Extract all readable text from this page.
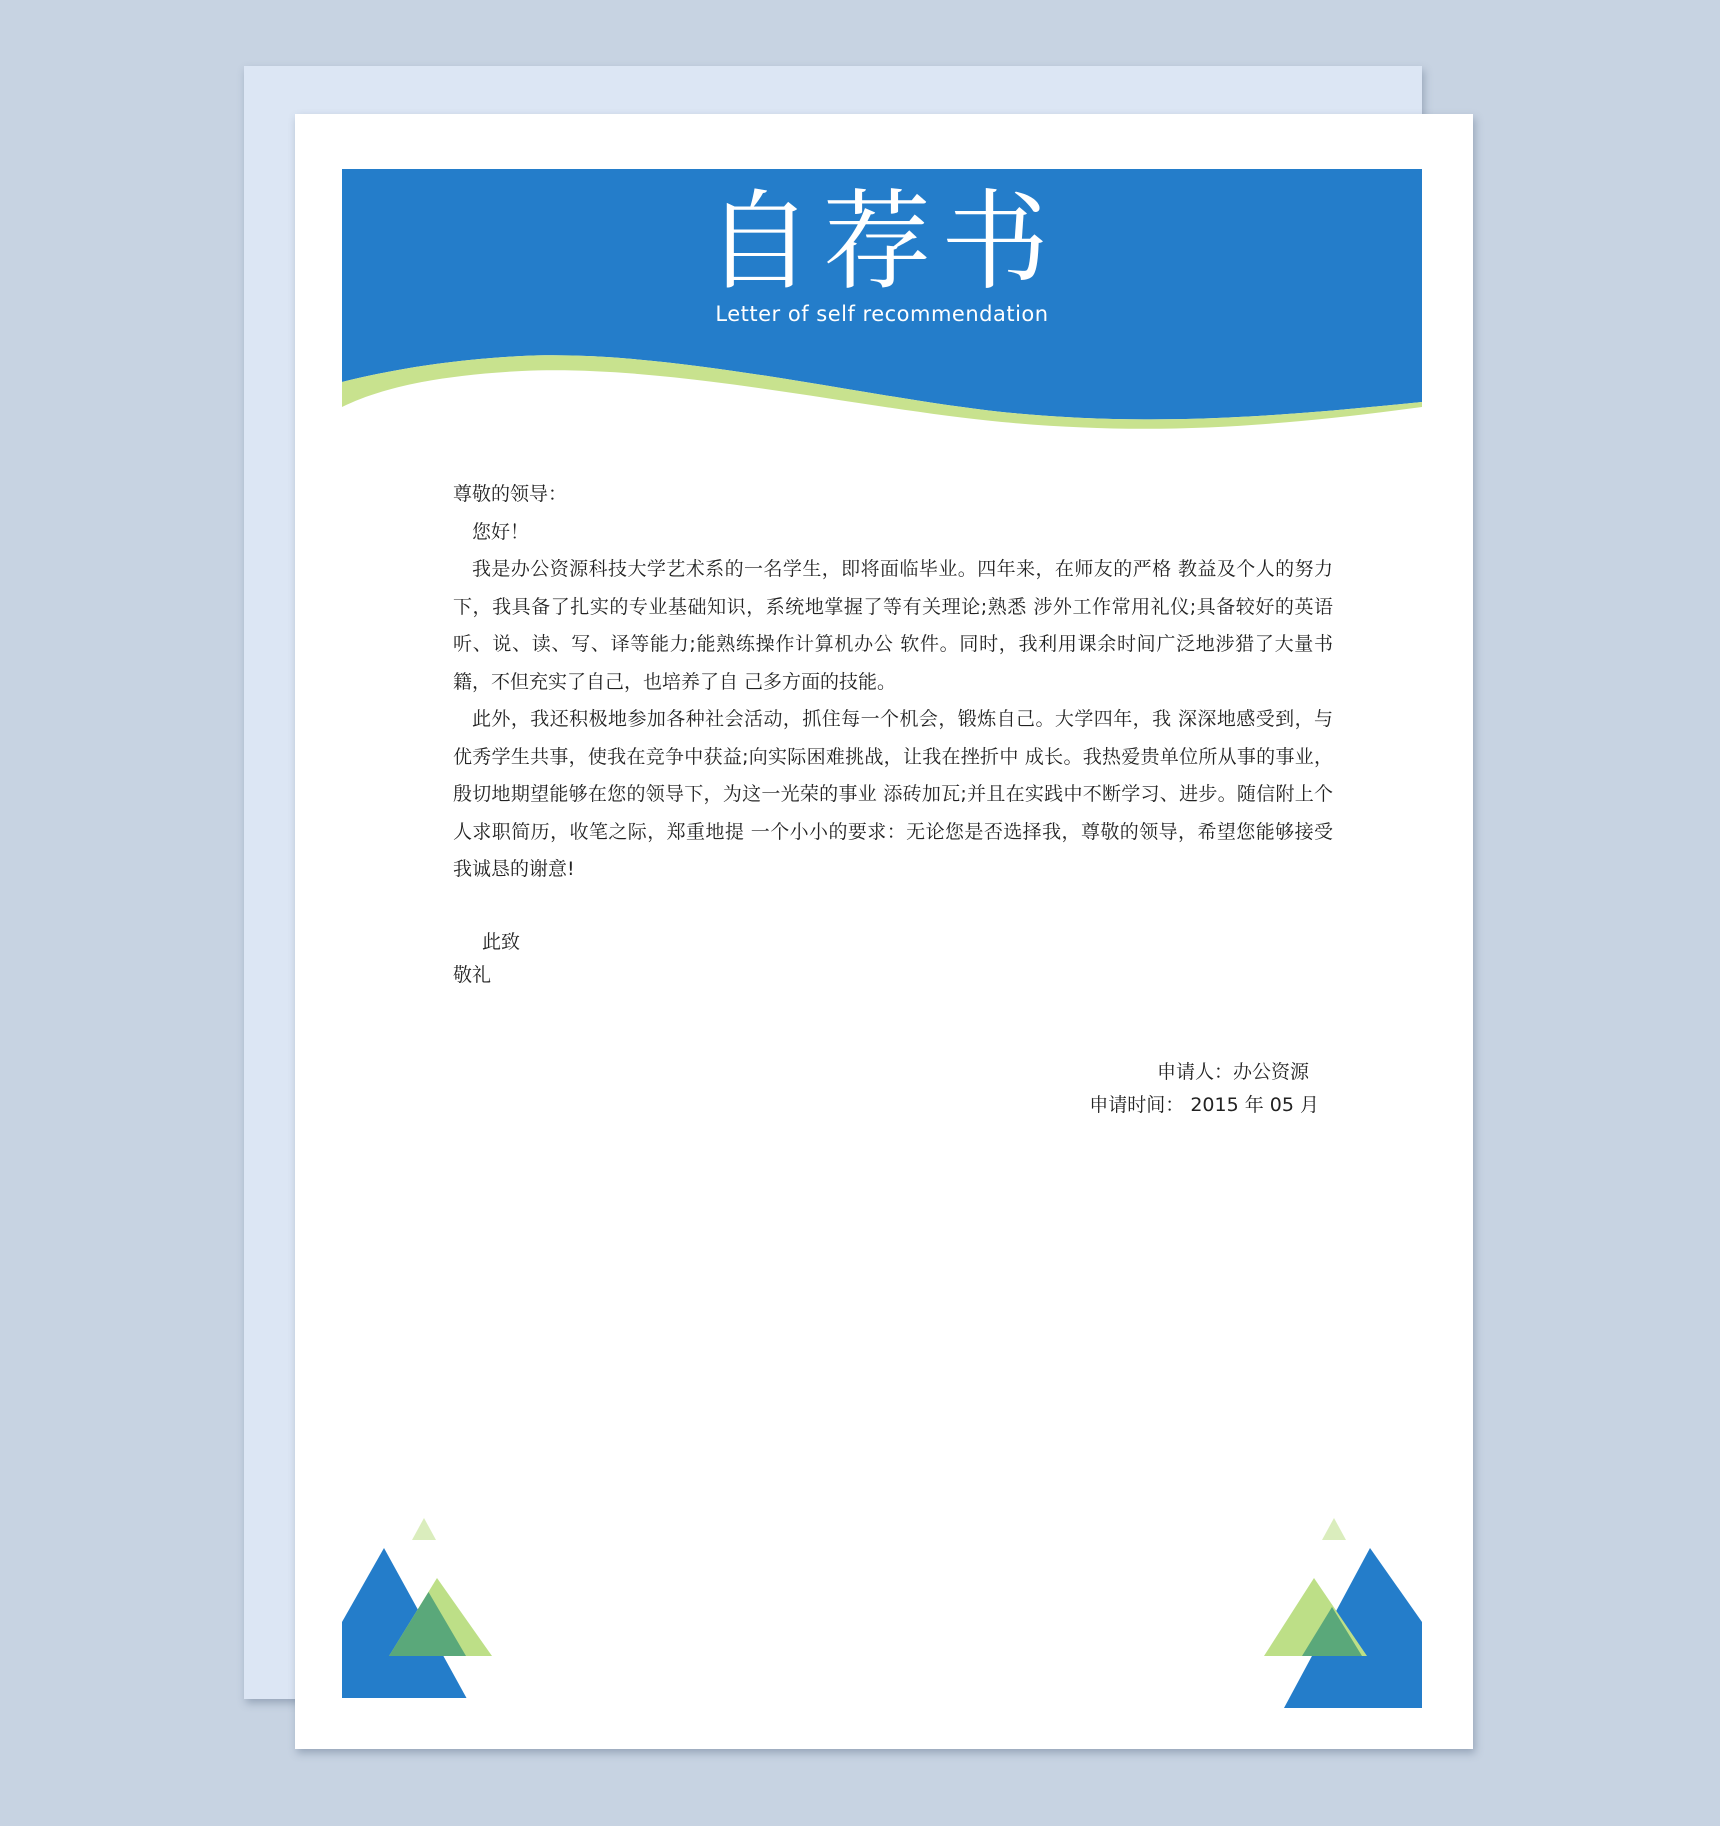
自荐书
Letter of self recommendation

尊敬的领导：

您好！

我是办公资源科技大学艺术系的一名学生，即将面临毕业。四年来，在师友的严格 教益及个人的努力下，我具备了扎实的专业基础知识，系统地掌握了等有关理论;熟悉 涉外工作常用礼仪;具备较好的英语听、说、读、写、译等能力;能熟练操作计算机办公 软件。同时，我利用课余时间广泛地涉猎了大量书籍，不但充实了自己，也培养了自 己多方面的技能。

此外，我还积极地参加各种社会活动，抓住每一个机会，锻炼自己。大学四年，我 深深地感受到，与优秀学生共事，使我在竞争中获益;向实际困难挑战，让我在挫折中 成长。我热爱贵单位所从事的事业，殷切地期望能够在您的领导下，为这一光荣的事业 添砖加瓦;并且在实践中不断学习、进步。随信附上个人求职简历，收笔之际，郑重地提 一个小小的要求：无论您是否选择我，尊敬的领导，希望您能够接受我诚恳的谢意!

此致

敬礼

申请人：办公资源
申请时间： 2015 年 05 月
